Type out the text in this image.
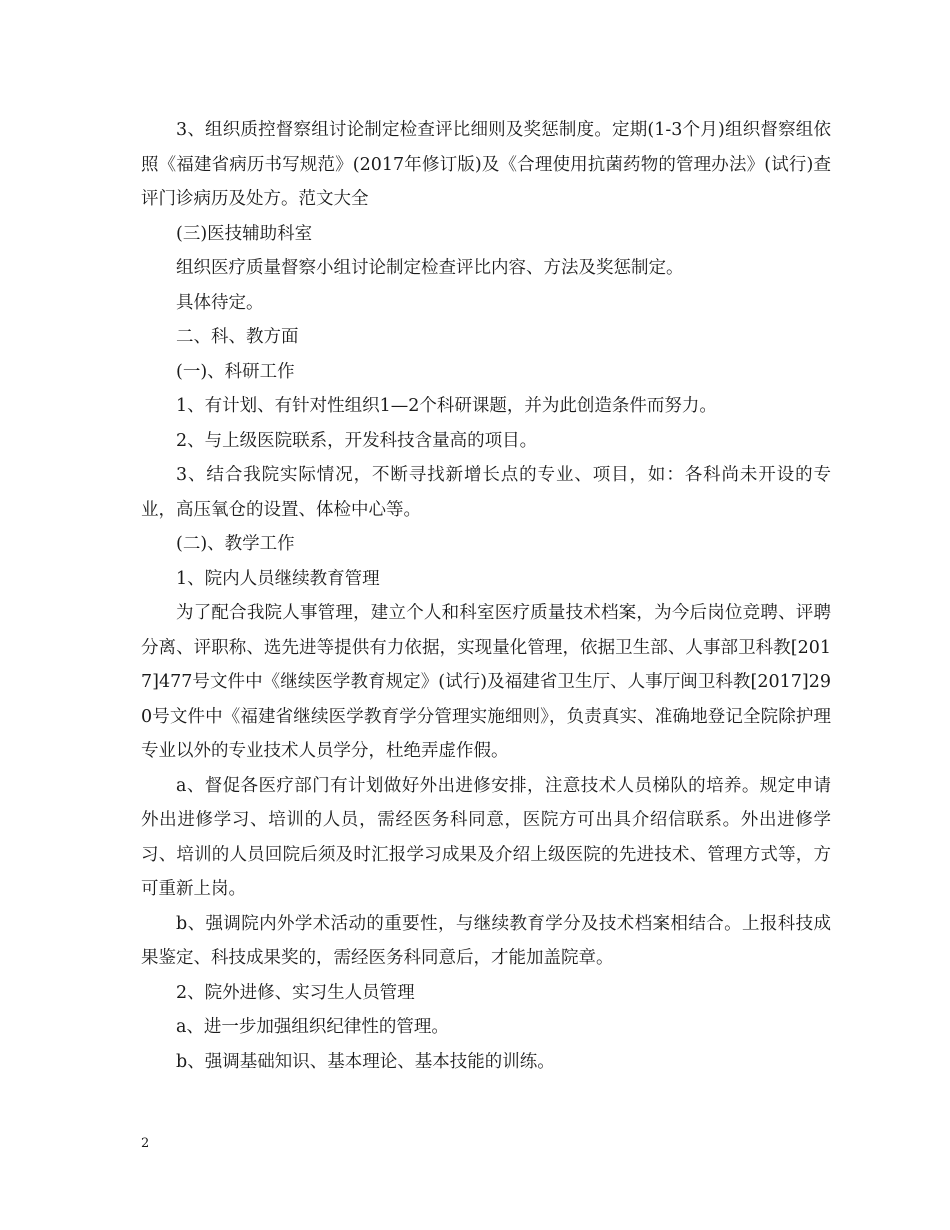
3、组织质控督察组讨论制定检查评比细则及奖惩制度。定期(1-3个月)组织督察组依照《福建省病历书写规范》(2017年修订版)及《合理使用抗菌药物的管理办法》(试行)查评门诊病历及处方。范文大全

(三)医技辅助科室

组织医疗质量督察小组讨论制定检查评比内容、方法及奖惩制定。

具体待定。

二、科、教方面

(一)、科研工作

1、有计划、有针对性组织1—2个科研课题，并为此创造条件而努力。

2、与上级医院联系，开发科技含量高的项目。

3、结合我院实际情况，不断寻找新增长点的专业、项目，如：各科尚未开设的专业，高压氧仓的设置、体检中心等。

(二)、教学工作

1、院内人员继续教育管理

为了配合我院人事管理，建立个人和科室医疗质量技术档案，为今后岗位竞聘、评聘分离、评职称、选先进等提供有力依据，实现量化管理，依据卫生部、人事部卫科教[2017]477号文件中《继续医学教育规定》(试行)及福建省卫生厅、人事厅闽卫科教[2017]290号文件中《福建省继续医学教育学分管理实施细则》，负责真实、准确地登记全院除护理专业以外的专业技术人员学分，杜绝弄虚作假。

a、督促各医疗部门有计划做好外出进修安排，注意技术人员梯队的培养。规定申请外出进修学习、培训的人员，需经医务科同意，医院方可出具介绍信联系。外出进修学习、培训的人员回院后须及时汇报学习成果及介绍上级医院的先进技术、管理方式等，方可重新上岗。

b、强调院内外学术活动的重要性，与继续教育学分及技术档案相结合。上报科技成果鉴定、科技成果奖的，需经医务科同意后，才能加盖院章。

2、院外进修、实习生人员管理

a、进一步加强组织纪律性的管理。

b、强调基础知识、基本理论、基本技能的训练。

2
